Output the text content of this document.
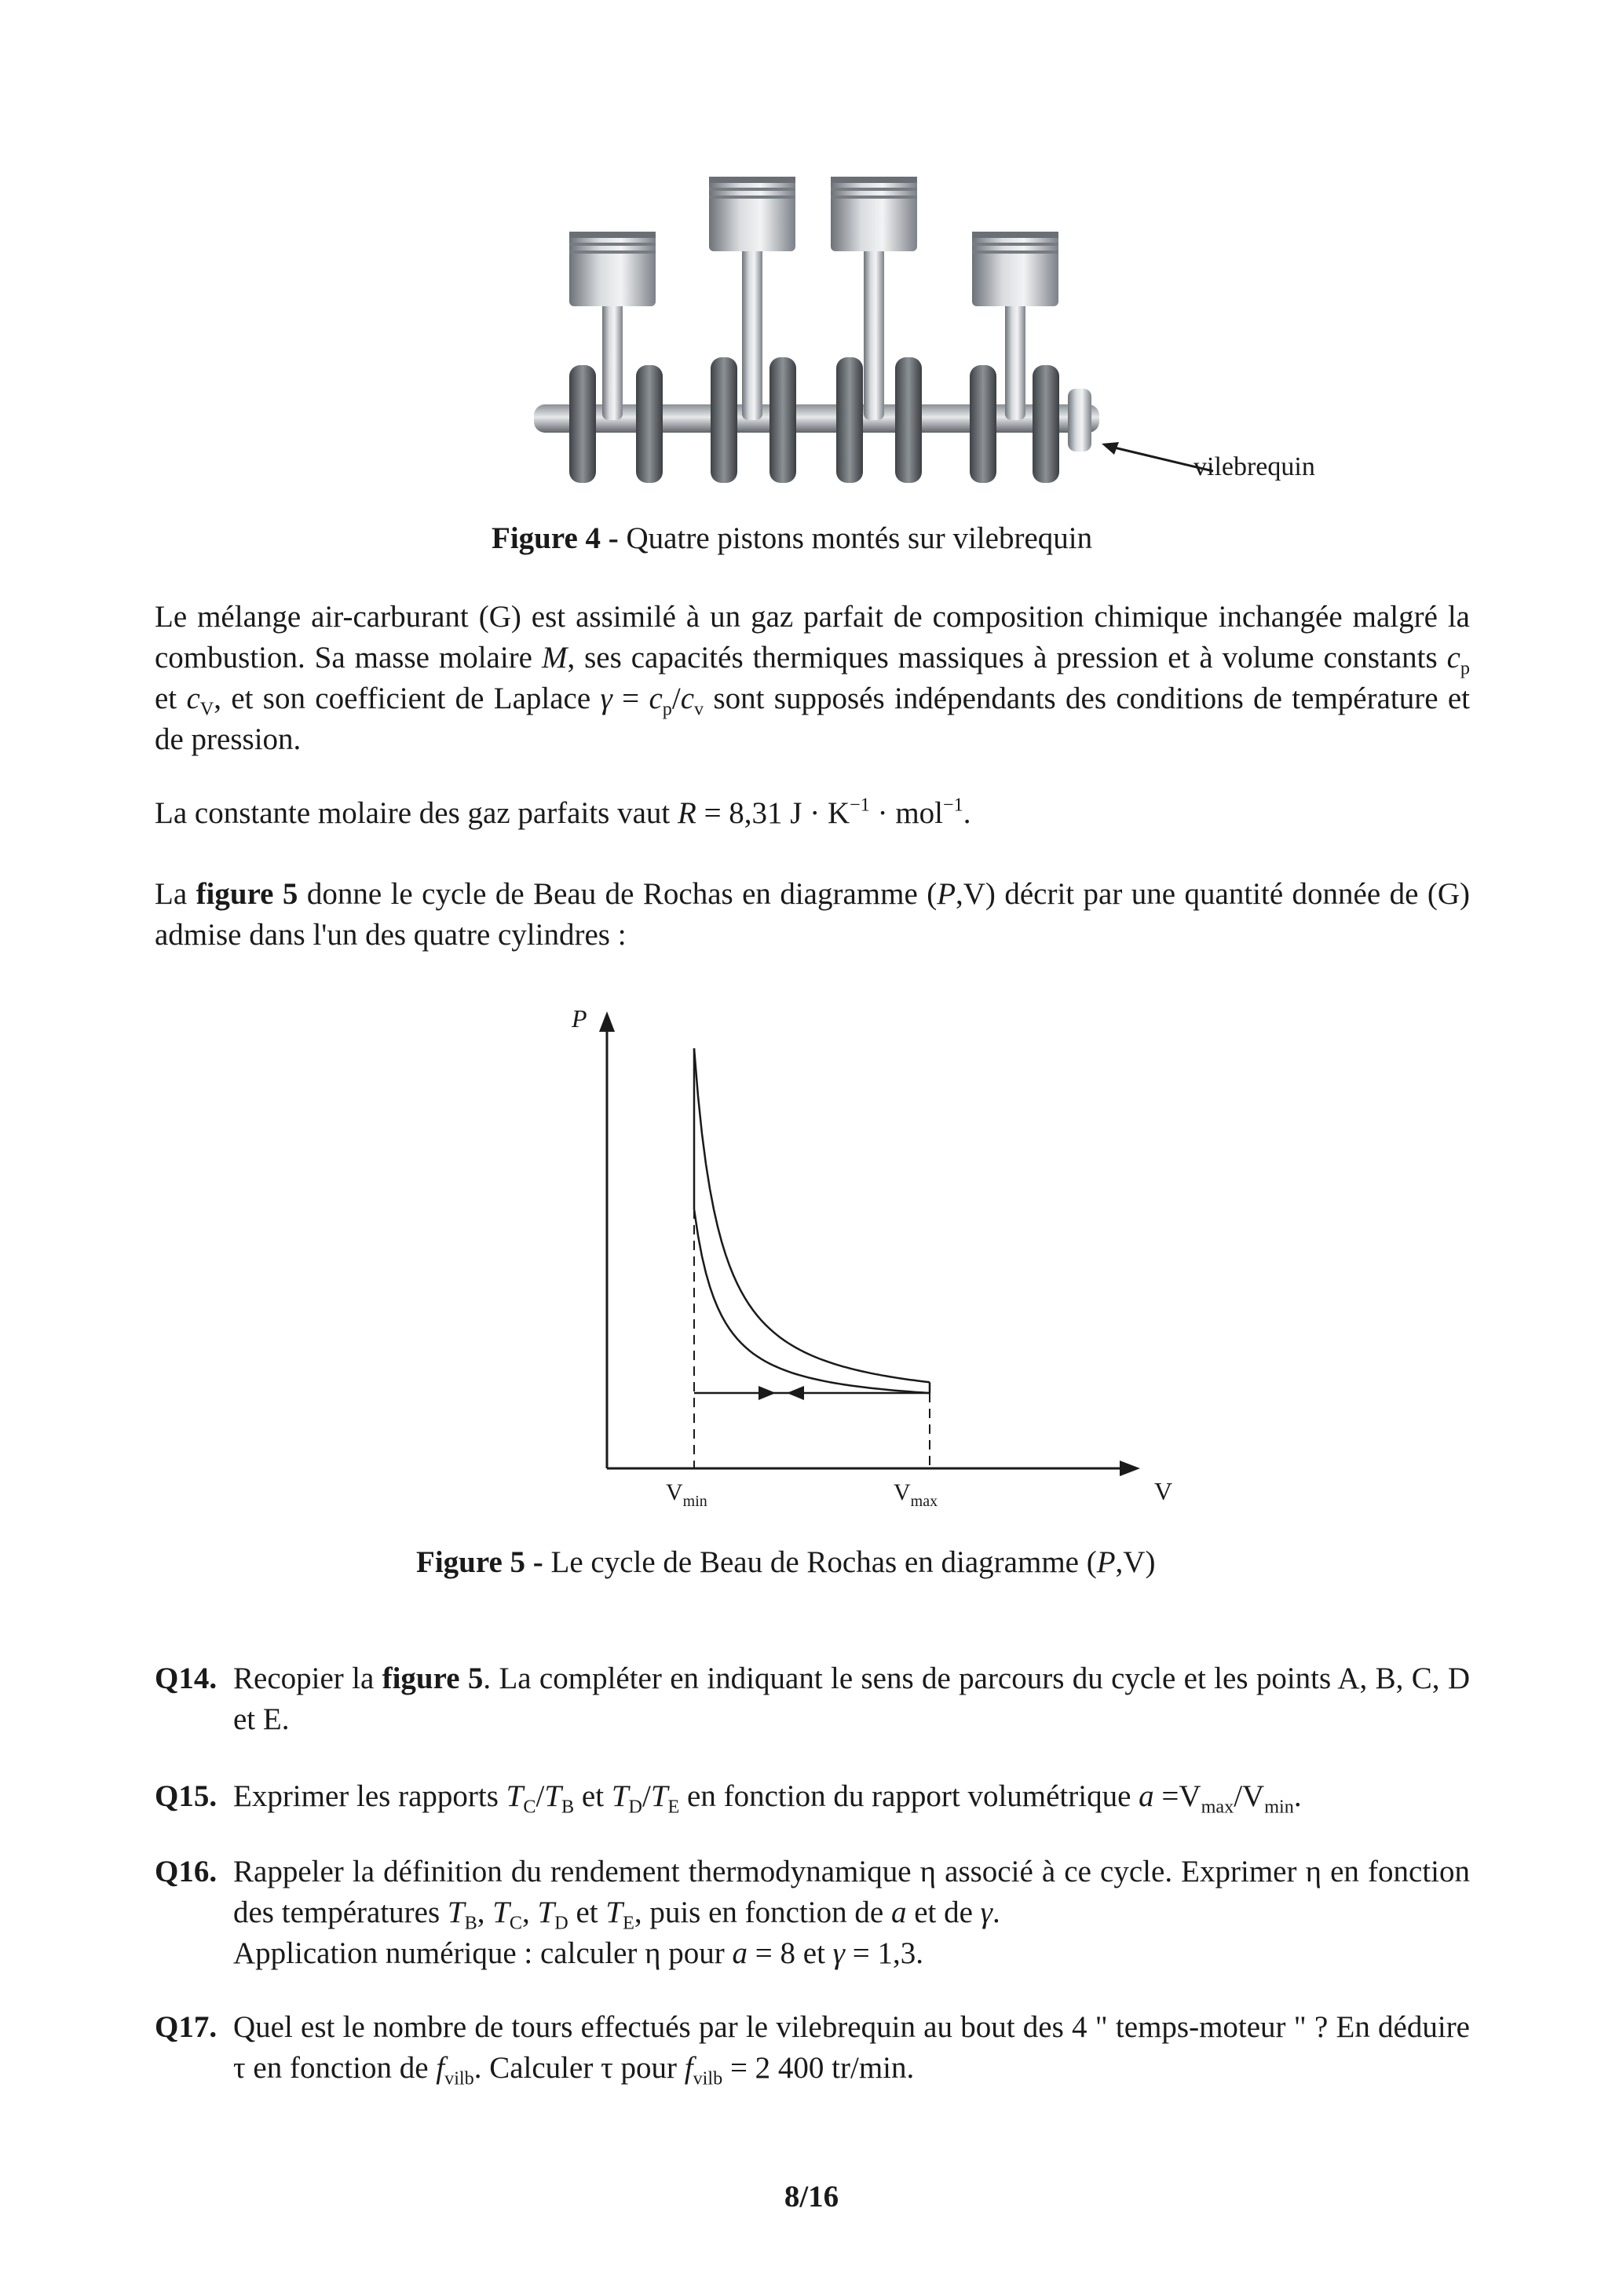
vilebrequin
Figure 4 - Quatre pistons montés sur vilebrequin
Le mélange air-carburant (G) est assimilé à un gaz parfait de composition chimique inchangée malgré la combustion. Sa masse molaire M, ses capacités thermiques massiques à pression et à volume constants $c_p$ et $c_V$, et son coefficient de Laplace $\gamma = c_p/c_v$ sont supposés indépendants des conditions de température et de pression.
La constante molaire des gaz parfaits vaut R = 8,31 $J \cdot K^{-1} \cdot mol^{-1}$.
La figure 5 donne le cycle de Beau de Rochas en diagramme (P,V) décrit par une quantité donnée de (G) admise dans l'un des quatre cylindres :
P
V
$V_{min}$	$V_{max}$
Figure 5 - Le cycle de Beau de Rochas en diagramme (P,V)
Q14. Recopier la figure 5. La compléter en indiquant le sens de parcours du cycle et les points A, B, C, D et E.
Q15. Exprimer les rapports $T_C/T_B$ et $T_D/T_E$ en fonction du rapport volumétrique $a =V_{max}/V_{min}$.
Q16. Rappeler la définition du rendement thermodynamique η associé à ce cycle. Exprimer η en fonction des températures $T_B$, $T_C$, $T_D$ et $T_E$, puis en fonction de a et de γ.
Application numérique : calculer η pour a = 8 et γ = 1,3.
Q17. Quel est le nombre de tours effectués par le vilebrequin au bout des 4 " temps-moteur " ? En déduire τ en fonction de $f_{vilb}$. Calculer τ pour $f_{vilb} = 2$ 400 tr/min.
8/16
